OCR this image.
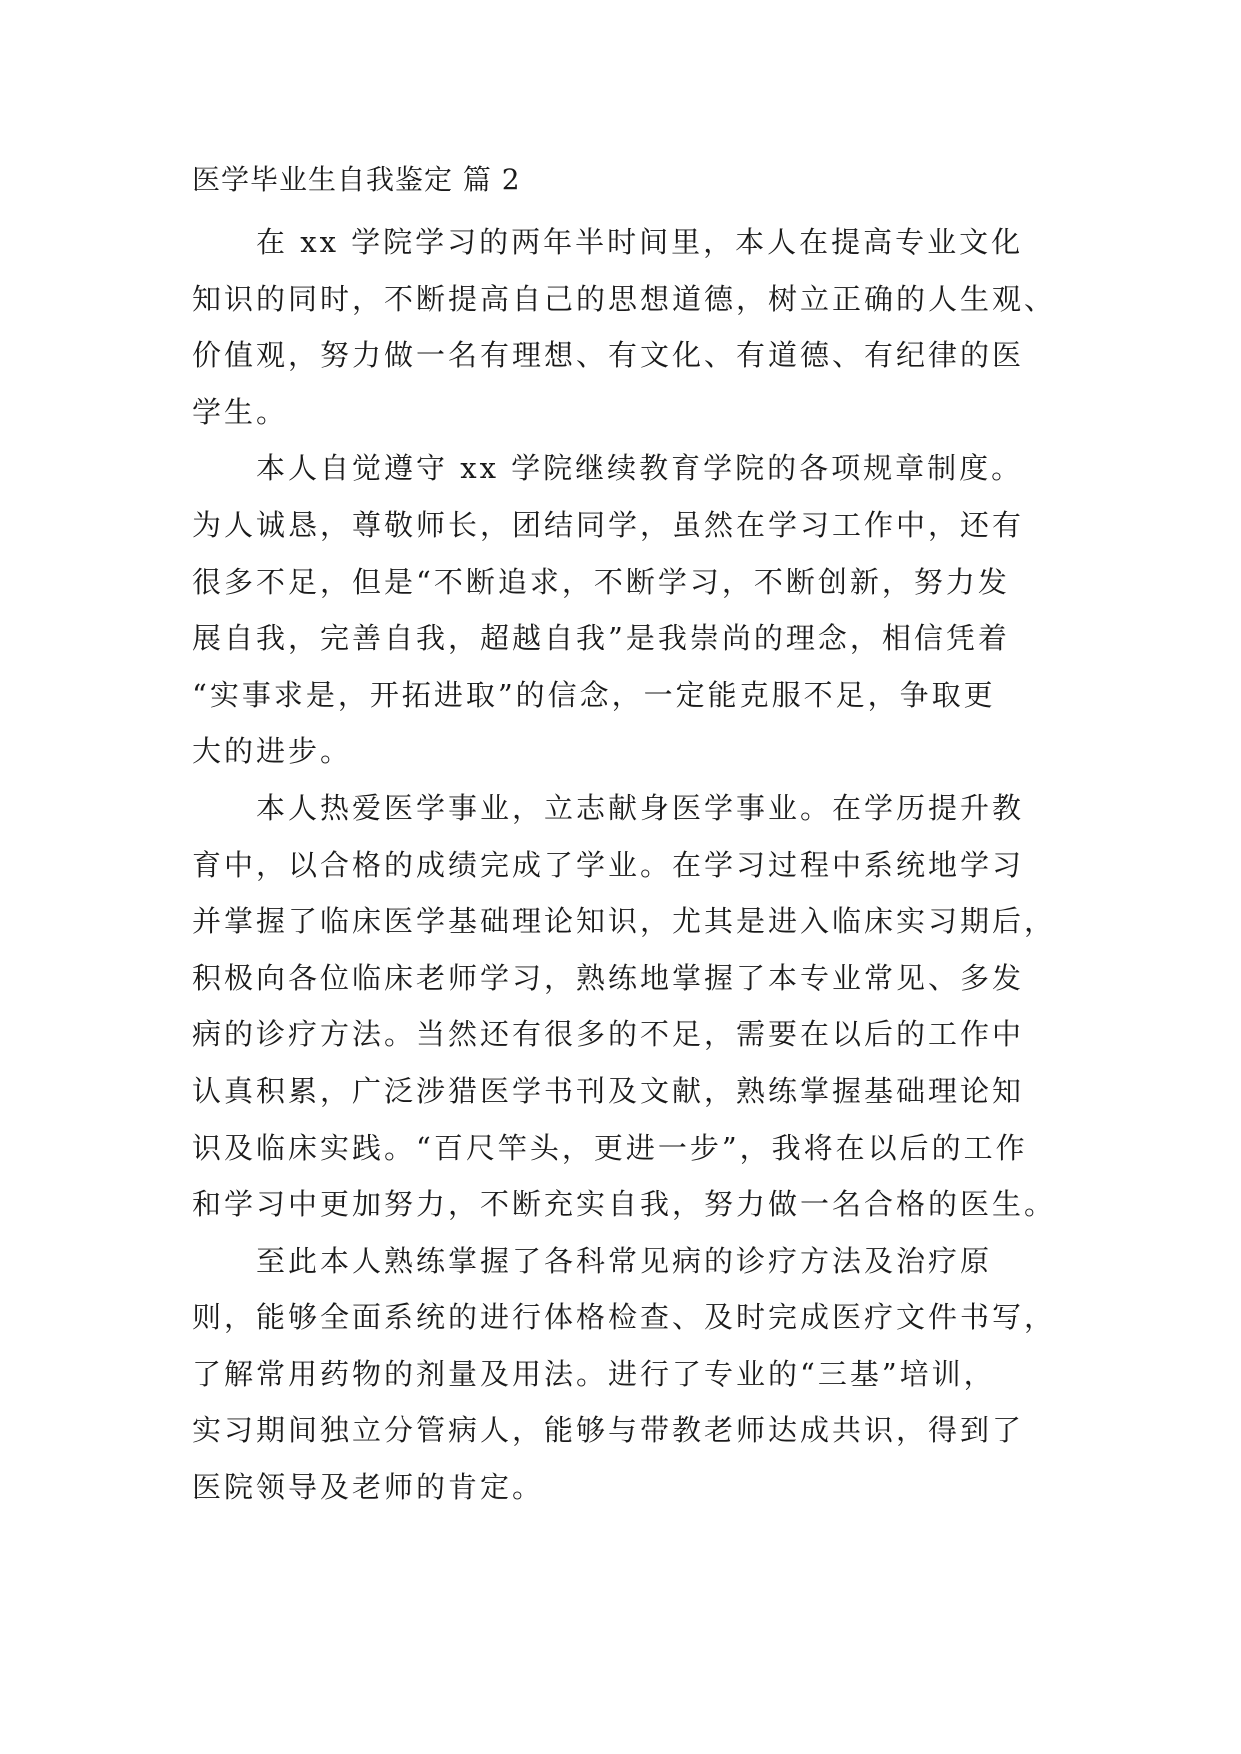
医学毕业生自我鉴定 篇 2
在 xx 学院学习的两年半时间里，本人在提高专业文化
知识的同时，不断提高自己的思想道德，树立正确的人生观、
价值观，努力做一名有理想、有文化、有道德、有纪律的医
学生。
本人自觉遵守 xx 学院继续教育学院的各项规章制度。
为人诚恳，尊敬师长，团结同学，虽然在学习工作中，还有
很多不足，但是“不断追求，不断学习，不断创新，努力发
展自我，完善自我，超越自我”是我崇尚的理念，相信凭着
“实事求是，开拓进取”的信念，一定能克服不足，争取更
大的进步。
本人热爱医学事业，立志献身医学事业。在学历提升教
育中，以合格的成绩完成了学业。在学习过程中系统地学习
并掌握了临床医学基础理论知识，尤其是进入临床实习期后，
积极向各位临床老师学习，熟练地掌握了本专业常见、多发
病的诊疗方法。当然还有很多的不足，需要在以后的工作中
认真积累，广泛涉猎医学书刊及文献，熟练掌握基础理论知
识及临床实践。“百尺竿头，更进一步”，我将在以后的工作
和学习中更加努力，不断充实自我，努力做一名合格的医生。
至此本人熟练掌握了各科常见病的诊疗方法及治疗原
则，能够全面系统的进行体格检查、及时完成医疗文件书写，
了解常用药物的剂量及用法。进行了专业的“三基”培训，
实习期间独立分管病人，能够与带教老师达成共识，得到了
医院领导及老师的肯定。
